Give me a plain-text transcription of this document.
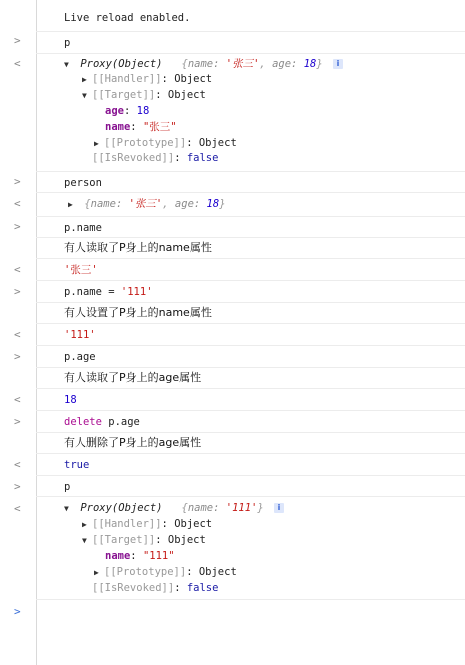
Live reload enabled.
>	p
<	▼ Proxy(Object) {name: '张三', age: 18} i
▶ [[Handler]]: Object
▼ [[Target]]: Object
age: 18
name: "张三"
▶ [[Prototype]]: Object
[[IsRevoked]]: false
>	person
<	▶ {name: '张三', age: 18}
>	p.name
有人读取了P身上的name属性
<	'张三'
>	p.name = '111'
有人设置了P身上的name属性
<	'111'
>	p.age
有人读取了P身上的age属性
<	18
>	delete p.age
有人删除了P身上的age属性
<	true
>	p
<	▼ Proxy(Object) {name: '111'} i
▶ [[Handler]]: Object
▼ [[Target]]: Object
name: "111"
▶ [[Prototype]]: Object
[[IsRevoked]]: false
>
